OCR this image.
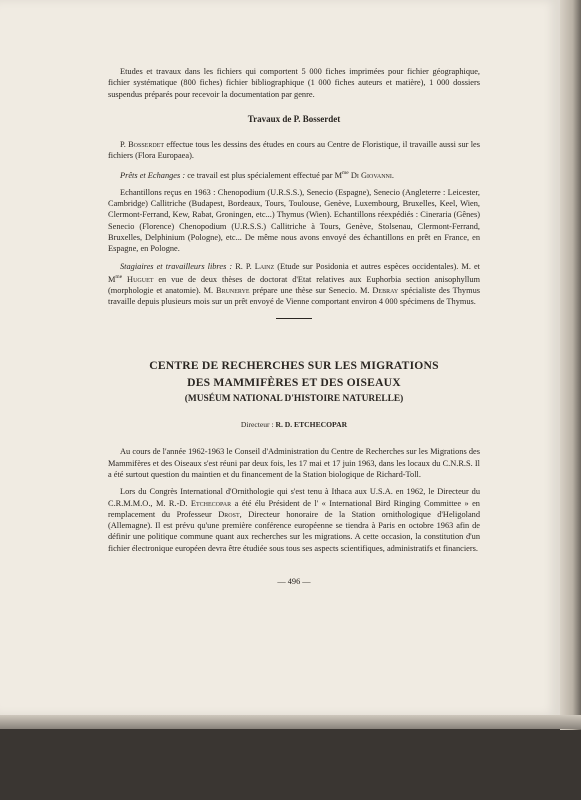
Etudes et travaux dans les fichiers qui comportent 5 000 fiches imprimées pour fichier géographique, fichier systématique (800 fiches) fichier bibliographique (1 000 fiches auteurs et matière), 1 000 dossiers suspendus préparés pour recevoir la documentation par genre.

Travaux de P. Bosserdet

P. Bosserdet effectue tous les dessins des études en cours au Centre de Floristique, il travaille aussi sur les fichiers (Flora Europaea).

Prêts et Echanges : ce travail est plus spécialement effectué par $M^{me}$ Di Giovanni.

Echantillons reçus en 1963 : Chenopodium (U.R.S.S.), Senecio (Espagne), Senecio (Angleterre : Leicester, Cambridge) Callitriche (Budapest, Bordeaux, Tours, Toulouse, Genève, Luxembourg, Bruxelles, Keel, Wien, Clermont-Ferrand, Kew, Rabat, Groningen, etc...) Thymus (Wien). Echantillons réexpédiés : Cineraria (Gênes) Senecio (Florence) Chenopodium (U.R.S.S.) Callitriche à Tours, Genève, Stolsenau, Clermont-Ferrand, Bruxelles, Delphinium (Pologne), etc... De même nous avons envoyé des échantillons en prêt en France, en Espagne, en Pologne.

Stagiaires et travailleurs libres : R. P. Lainz (Etude sur Posidonia et autres espèces occidentales). M. et $M^{me}$ Huguet en vue de deux thèses de doctorat d'Etat relatives aux Euphorbia section anisophyllum (morphologie et anatomie). M. Brunerye prépare une thèse sur Senecio. M. Debray spécialiste des Thymus travaille depuis plusieurs mois sur un prêt envoyé de Vienne comportant environ 4 000 spécimens de Thymus.

CENTRE DE RECHERCHES SUR LES MIGRATIONS
DES MAMMIFÈRES ET DES OISEAUX
(MUSÉUM NATIONAL D'HISTOIRE NATURELLE)
Directeur : R. D. ETCHECOPAR

Au cours de l'année 1962-1963 le Conseil d'Administration du Centre de Recherches sur les Migrations des Mammifères et des Oiseaux s'est réuni par deux fois, les 17 mai et 17 juin 1963, dans les locaux du C.N.R.S. Il a été surtout question du maintien et du financement de la Station biologique de Richard-Toll.

Lors du Congrès International d'Ornithologie qui s'est tenu à Ithaca aux U.S.A. en 1962, le Directeur du C.R.M.M.O., M. R.-D. Etchecopar a été élu Président de l' « International Bird Ringing Committee » en remplacement du Professeur Drost, Directeur honoraire de la Station ornithologique d'Heligoland (Allemagne). Il est prévu qu'une première conférence européenne se tiendra à Paris en octobre 1963 afin de définir une politique commune quant aux recherches sur les migrations. A cette occasion, la constitution d'un fichier électronique européen devra être étudiée sous tous ses aspects scientifiques, administratifs et financiers.

— 496 —
